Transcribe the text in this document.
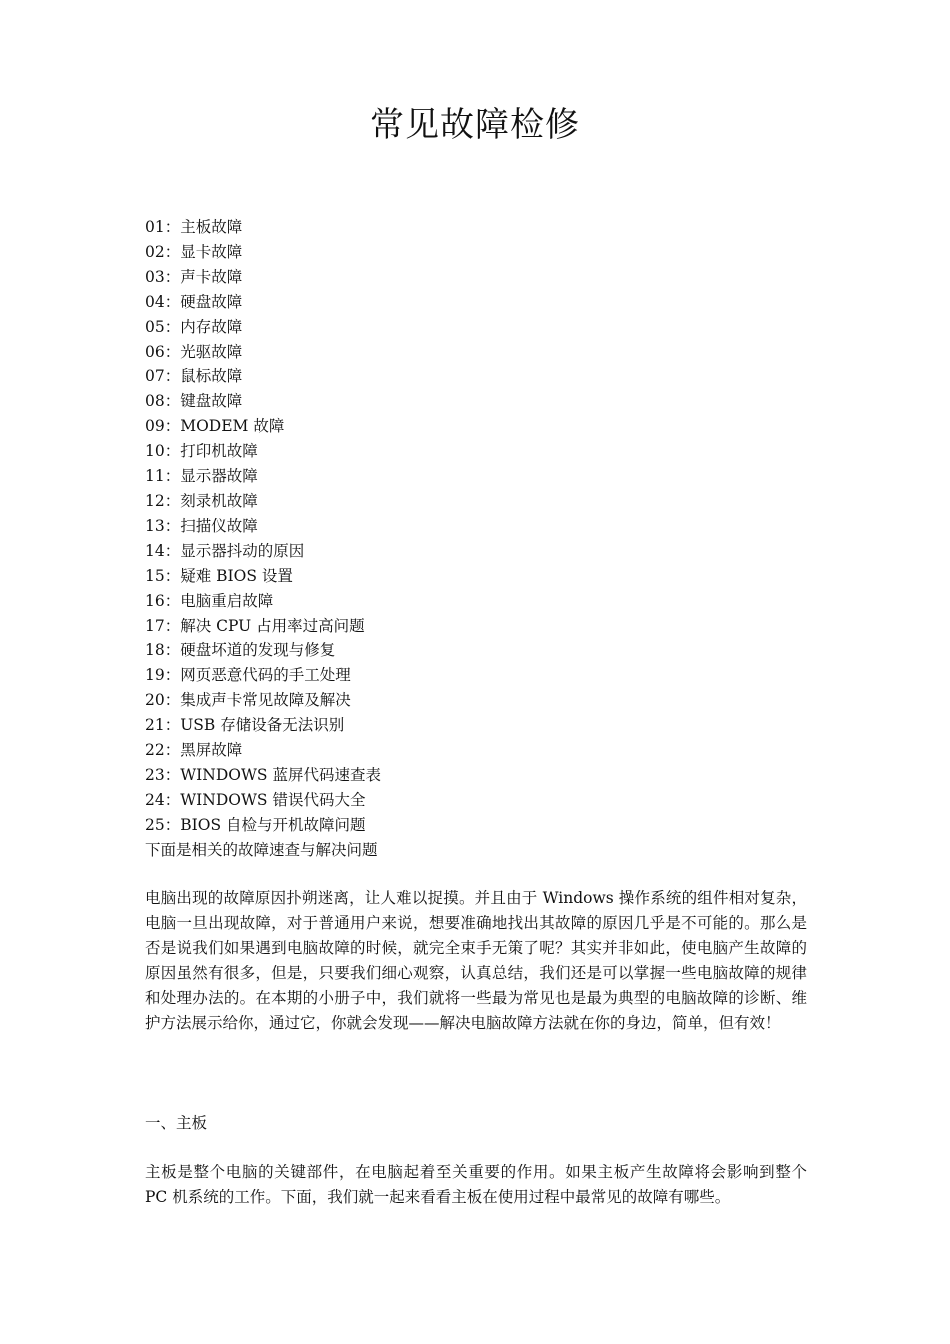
常见故障检修
01：主板故障
02：显卡故障
03：声卡故障
04：硬盘故障
05：内存故障
06：光驱故障
07：鼠标故障
08：键盘故障
09：MODEM 故障
10：打印机故障
11：显示器故障
12：刻录机故障
13：扫描仪故障
14：显示器抖动的原因
15：疑难 BIOS 设置
16：电脑重启故障
17：解决 CPU 占用率过高问题
18：硬盘坏道的发现与修复
19：网页恶意代码的手工处理
20：集成声卡常见故障及解决
21：USB 存储设备无法识别
22：黑屏故障
23：WINDOWS 蓝屏代码速查表
24：WINDOWS 错误代码大全
25：BIOS 自检与开机故障问题
下面是相关的故障速查与解决问题

电脑出现的故障原因扑朔迷离，让人难以捉摸。并且由于 Windows 操作系统的组件相对复杂，电脑一旦出现故障，对于普通用户来说，想要准确地找出其故障的原因几乎是不可能的。那么是否是说我们如果遇到电脑故障的时候，就完全束手无策了呢？其实并非如此，使电脑产生故障的原因虽然有很多，但是，只要我们细心观察，认真总结，我们还是可以掌握一些电脑故障的规律和处理办法的。在本期的小册子中，我们就将一些最为常见也是最为典型的电脑故障的诊断、维护方法展示给你，通过它，你就会发现——解决电脑故障方法就在你的身边，简单，但有效！

一、主板

主板是整个电脑的关键部件，在电脑起着至关重要的作用。如果主板产生故障将会影响到整个 PC 机系统的工作。下面，我们就一起来看看主板在使用过程中最常见的故障有哪些。
